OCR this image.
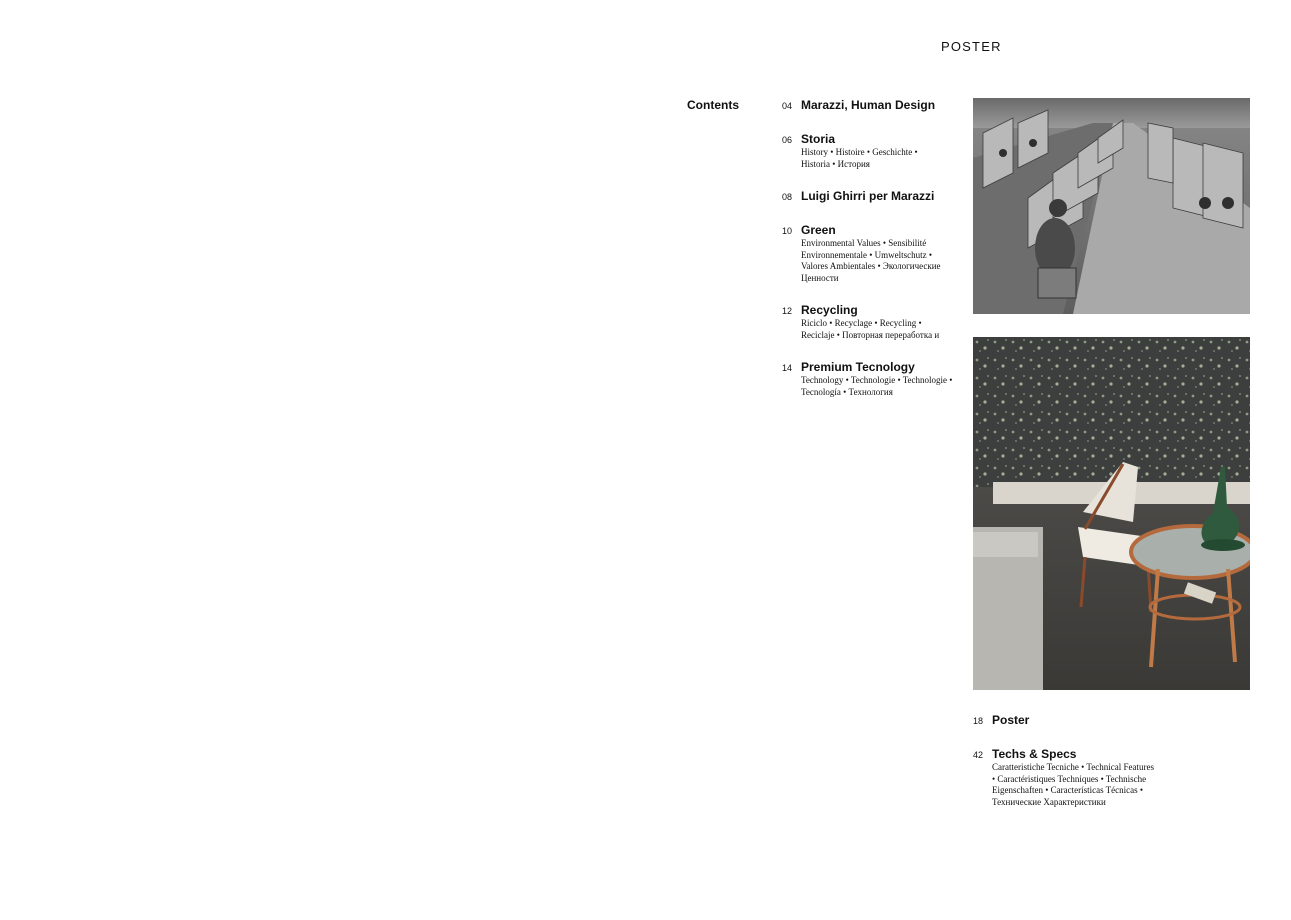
POSTER
Contents	04 Marazzi, Human Design
06 Storia
History • Histoire • Geschichte • Historia • История
08 Luigi Ghirri per Marazzi
10 Green
Environmental Values • Sensibilité Environnementale • Umweltschutz • Valores Ambientales • Экологические Ценности
12 Recycling
Riciclo • Recyclage • Recycling • Reciclaje • Повторная переработка и
14 Premium Tecnology
Technology • Technologie • Technologie • Tecnología • Технология
18 Poster
42 Techs & Specs
Caratteristiche Tecniche • Technical Features • Caractéristiques Techniques • Technische Eigenschaften • Características Técnicas • Технические Характеристики
